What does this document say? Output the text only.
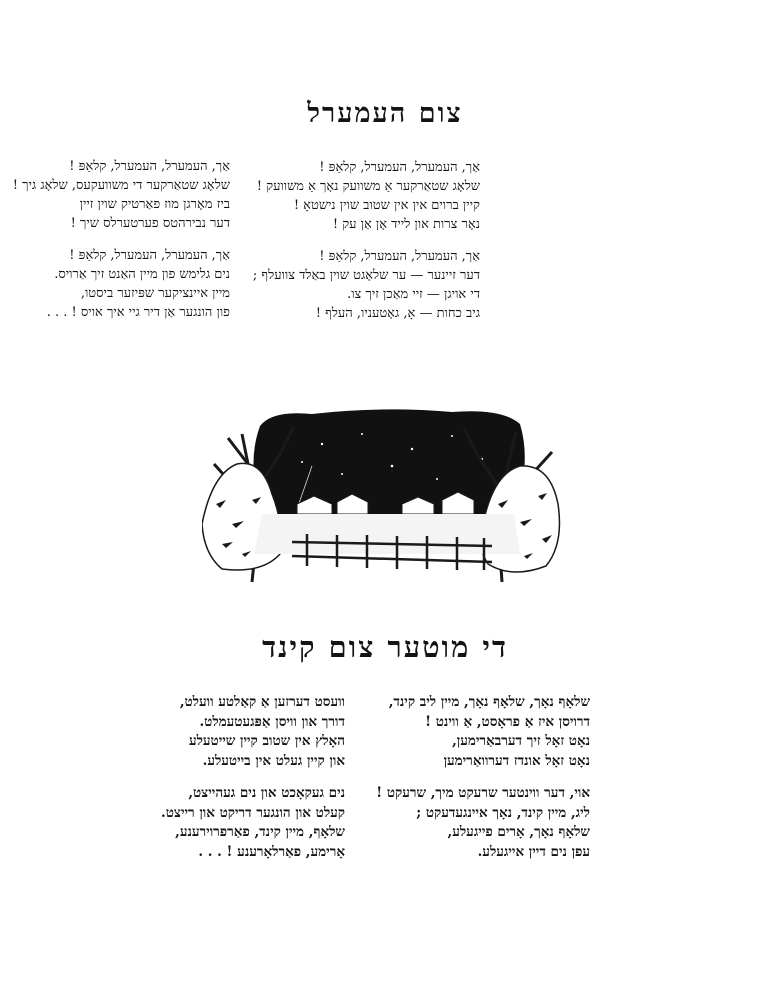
צום העמערל
אַך, העמערל, העמערל, קלאַפּ !
שלאָג שטאַרקער אַ משוועק נאָך אַ משוועק !
קיין ברוים אין אין שטוב שוין נישטאָ !
נאָר צרות און לייד אָן אַן עק !
אַך, העמערל, העמערל, קלאַפּ !
דער זיינער — ער שלאָגט שוין באַלד צוועלף ;
די אויגן — זיי מאַכן זיך צו.
גיב כחות — אָ, גאָטעניו, העלף !
אַך, העמערל, העמערל, קלאַפּ !
שלאָג שטאַרקער די משוועקעס, שלאָג גיך !
ביז מאָרגן מוז פאַרטיק שוין זיין
דער נבירהטס פערטערלס שיך !
אַך, העמערל, העמערל, קלאַפּ !
נים גלימש פון מיין האַנט זיך אַרויס.
מיין איינציקער שפּיזער ביסטו,
פון הונגער אַן דיר גיי איך אויס ! . . .
די מוטער צום קינד
שלאָף נאָך, שלאָף נאָך, מיין ליב קינד,
דרויסן איז אַ פראָסט, אַ ווינט !
נאָט זאָל זיך דערבאַרימען,
נאָט זאָל אונדז דערוואַרימען
אוי, דער ווינטער שרעקט מיך, שרעקט !
ליג, מיין קינד, נאָך איינגעדעקט ;
שלאָף נאָך, אָרים פייגעלע,
עפן נים דיין אייגעלע.
וועסט דערזען אַ קאַלטע וועלט,
דורך און וויסן אַפּגעטעמלט.
האָלץ אין שטוב קיין שייטעלע
און קיין געלט אין בייטעלע.
נים געקאָכט און נים געהייצט,
קעלט און הונגער דריקט און רייצט.
שלאָף, מיין קינד, פאַרפרוירענע,
אָרימע, פאַרלאָרענע ! . . .
